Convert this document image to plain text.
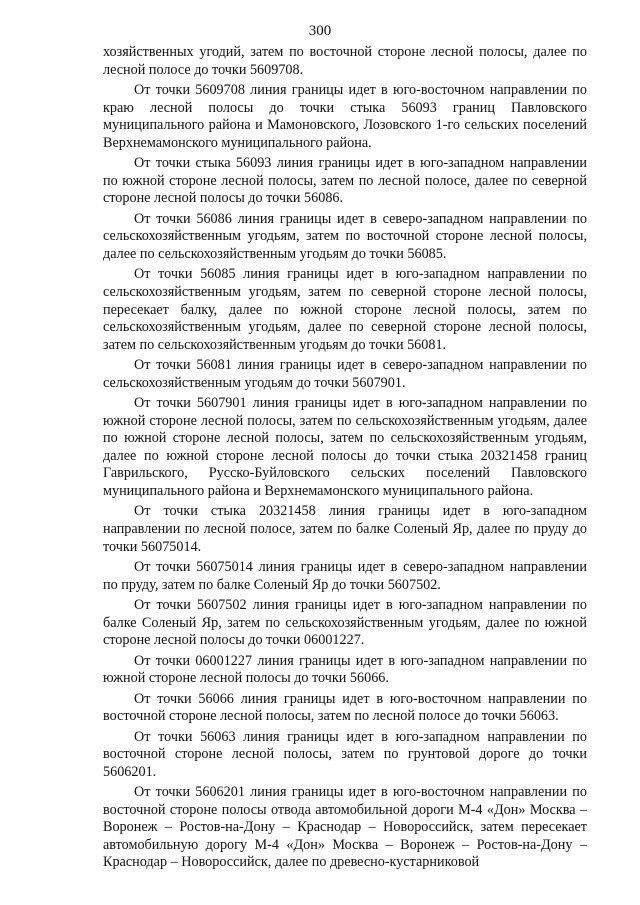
300

хозяйственных угодий, затем по восточной стороне лесной полосы, далее по лесной полосе до точки 5609708.

От точки 5609708 линия границы идет в юго-восточном направлении по краю лесной полосы до точки стыка 56093 границ Павловского муниципального района и Мамоновского, Лозовского 1-го сельских поселений Верхнемамонского муниципального района.

От точки стыка 56093 линия границы идет в юго-западном направлении по южной стороне лесной полосы, затем по лесной полосе, далее по северной стороне лесной полосы до точки 56086.

От точки 56086 линия границы идет в северо-западном направлении по сельскохозяйственным угодьям, затем по восточной стороне лесной полосы, далее по сельскохозяйственным угодьям до точки 56085.

От точки 56085 линия границы идет в юго-западном направлении по сельскохозяйственным угодьям, затем по северной стороне лесной полосы, пересекает балку, далее по южной стороне лесной полосы, затем по сельскохозяйственным угодьям, далее по северной стороне лесной полосы, затем по сельскохозяйственным угодьям до точки 56081.

От точки 56081 линия границы идет в северо-западном направлении по сельскохозяйственным угодьям до точки 5607901.

От точки 5607901 линия границы идет в юго-западном направлении по южной стороне лесной полосы, затем по сельскохозяйственным угодьям, далее по южной стороне лесной полосы, затем по сельскохозяйственным угодьям, далее по южной стороне лесной полосы до точки стыка 20321458 границ Гаврильского, Русско-Буйловского сельских поселений Павловского муниципального района и Верхнемамонского муниципального района.

От точки стыка 20321458 линия границы идет в юго-западном направлении по лесной полосе, затем по балке Соленый Яр, далее по пруду до точки 56075014.

От точки 56075014 линия границы идет в северо-западном направлении по пруду, затем по балке Соленый Яр до точки 5607502.

От точки 5607502 линия границы идет в юго-западном направлении по балке Соленый Яр, затем по сельскохозяйственным угодьям, далее по южной стороне лесной полосы до точки 06001227.

От точки 06001227 линия границы идет в юго-западном направлении по южной стороне лесной полосы до точки 56066.

От точки 56066 линия границы идет в юго-восточном направлении по восточной стороне лесной полосы, затем по лесной полосе до точки 56063.

От точки 56063 линия границы идет в юго-западном направлении по восточной стороне лесной полосы, затем по грунтовой дороге до точки 5606201.

От точки 5606201 линия границы идет в юго-восточном направлении по восточной стороне полосы отвода автомобильной дороги М-4 «Дон» Москва – Воронеж – Ростов-на-Дону – Краснодар – Новороссийск, затем пересекает автомобильную дорогу М-4 «Дон» Москва – Воронеж – Ростов-на-Дону – Краснодар – Новороссийск, далее по древесно-кустарниковой
